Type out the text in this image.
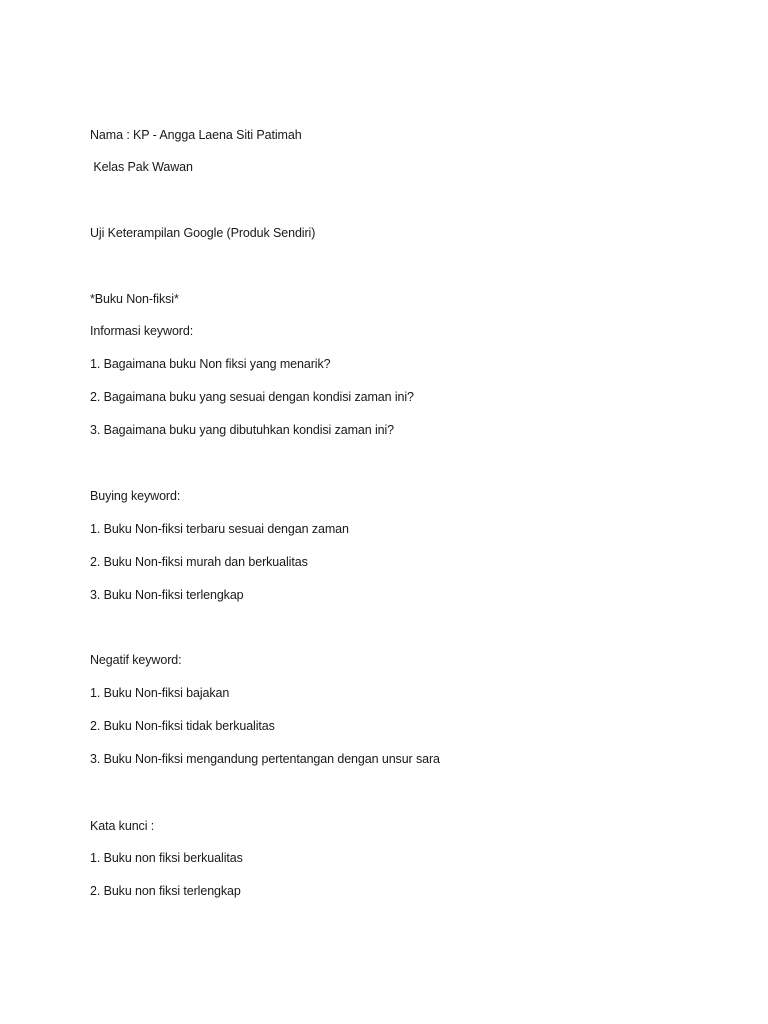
Nama : KP - Angga Laena Siti Patimah
Kelas Pak Wawan
Uji Keterampilan Google (Produk Sendiri)
*Buku Non-fiksi*
Informasi keyword:
1. Bagaimana buku Non fiksi yang menarik?
2. Bagaimana buku yang sesuai dengan kondisi zaman ini?
3. Bagaimana buku yang dibutuhkan kondisi zaman ini?
Buying keyword:
1. Buku Non-fiksi terbaru sesuai dengan zaman
2. Buku Non-fiksi murah dan berkualitas
3. Buku Non-fiksi terlengkap
Negatif keyword:
1. Buku Non-fiksi bajakan
2. Buku Non-fiksi tidak berkualitas
3. Buku Non-fiksi mengandung pertentangan dengan unsur sara
Kata kunci :
1. Buku non fiksi berkualitas
2. Buku non fiksi terlengkap
